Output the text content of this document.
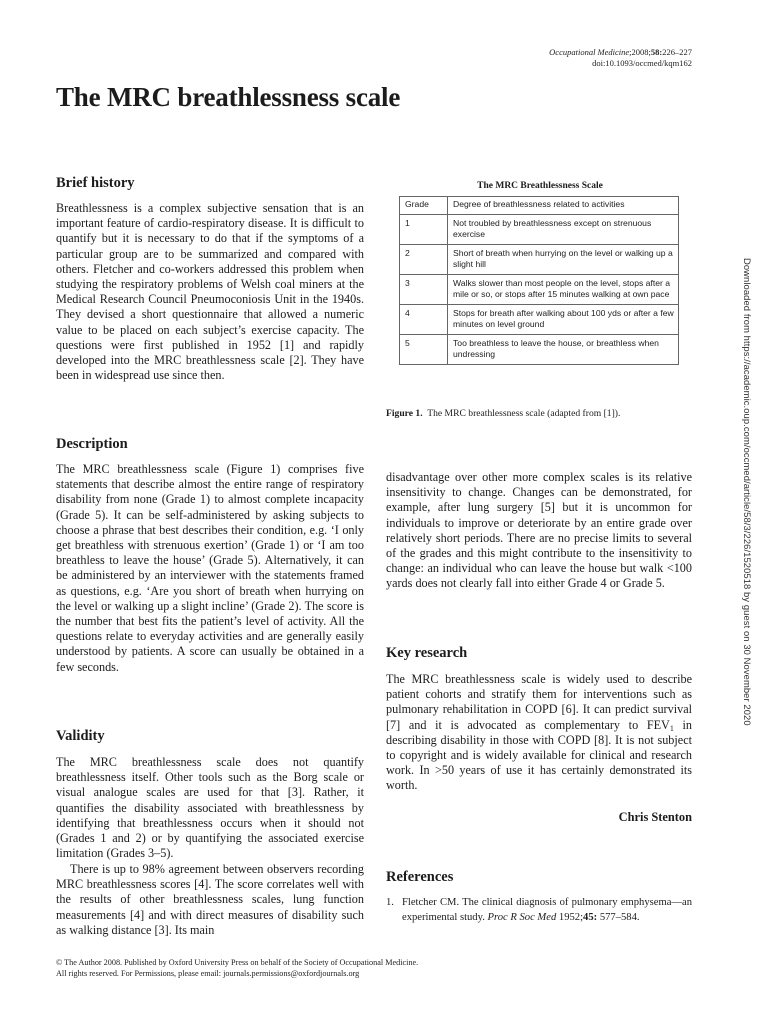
Occupational Medicine;2008;58:226–227
doi:10.1093/occmed/kqm162
The MRC breathlessness scale
Brief history

Breathlessness is a complex subjective sensation that is an important feature of cardio-respiratory disease. It is difficult to quantify but it is necessary to do that if the symptoms of a particular group are to be summarized and compared with others. Fletcher and co-workers addressed this problem when studying the respiratory problems of Welsh coal miners at the Medical Research Council Pneumoconiosis Unit in the 1940s. They devised a short questionnaire that allowed a numeric value to be placed on each subject’s exercise capacity. The questions were first published in 1952 [1] and rapidly developed into the MRC breathlessness scale [2]. They have been in widespread use since then.

Description

The MRC breathlessness scale (Figure 1) comprises five statements that describe almost the entire range of respiratory disability from none (Grade 1) to almost complete incapacity (Grade 5). It can be self-administered by asking subjects to choose a phrase that best describes their condition, e.g. ‘I only get breathless with strenuous exertion’ (Grade 1) or ‘I am too breathless to leave the house’ (Grade 5). Alternatively, it can be administered by an interviewer with the statements framed as questions, e.g. ‘Are you short of breath when hurrying on the level or walking up a slight incline’ (Grade 2). The score is the number that best fits the patient’s level of activity. All the questions relate to everyday activities and are generally easily understood by patients. A score can usually be obtained in a few seconds.

Validity

The MRC breathlessness scale does not quantify breathlessness itself. Other tools such as the Borg scale or visual analogue scales are used for that [3]. Rather, it quantifies the disability associated with breathlessness by identifying that breathlessness occurs when it should not (Grades 1 and 2) or by quantifying the associated exercise limitation (Grades 3–5).

There is up to 98% agreement between observers recording MRC breathlessness scores [4]. The score correlates well with the results of other breathlessness scales, lung function measurements [4] and with direct measures of disability such as walking distance [3]. Its main

The MRC Breathlessness Scale
Grade	Degree of breathlessness related to activities
1	Not troubled by breathlessness except on strenuous exercise
2	Short of breath when hurrying on the level or walking up a slight hill
3	Walks slower than most people on the level, stops after a mile or so, or stops after 15 minutes walking at own pace
4	Stops for breath after walking about 100 yds or after a few minutes on level ground
5	Too breathless to leave the house, or breathless when undressing
Figure 1. The MRC breathlessness scale (adapted from [1]).

disadvantage over other more complex scales is its relative insensitivity to change. Changes can be demonstrated, for example, after lung surgery [5] but it is uncommon for individuals to improve or deteriorate by an entire grade over relatively short periods. There are no precise limits to several of the grades and this might contribute to the insensitivity to change: an individual who can leave the house but walk <100 yards does not clearly fall into either Grade 4 or Grade 5.

Key research

The MRC breathlessness scale is widely used to describe patient cohorts and stratify them for interventions such as pulmonary rehabilitation in COPD [6]. It can predict survival [7] and it is advocated as complementary to $FEV_1$ in describing disability in those with COPD [8]. It is not subject to copyright and is widely available for clinical and research work. In >50 years of use it has certainly demonstrated its worth.

Chris Stenton
References
1. Fletcher CM. The clinical diagnosis of pulmonary emphysema—an experimental study. Proc R Soc Med 1952;45: 577–584.
Downloaded from https://academic.oup.com/occmed/article/58/3/226/1520518 by guest on 30 November 2020
© The Author 2008. Published by Oxford University Press on behalf of the Society of Occupational Medicine.
All rights reserved. For Permissions, please email: journals.permissions@oxfordjournals.org
